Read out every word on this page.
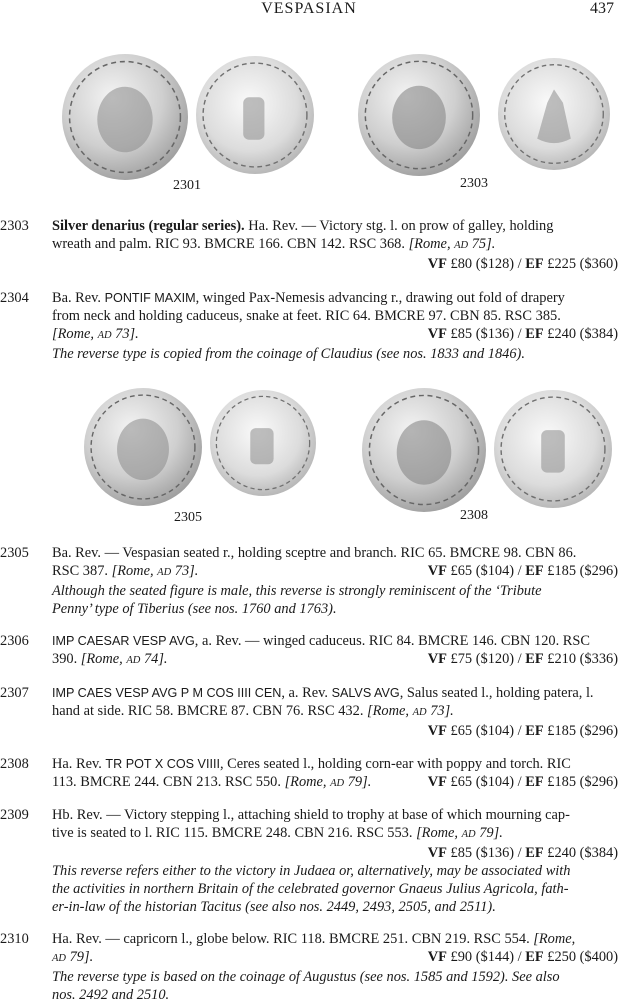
VESPASIAN	437
2301	2303
2303 Silver denarius (regular series). Ha. Rev. — Victory stg. l. on prow of galley, holding
wreath and palm. RIC 93. BMCRE 166. CBN 142. RSC 368. [Rome, AD 75].
VF £80 ($128) / EF £225 ($360)
2304 Ba. Rev. PONTIF MAXIM, winged Pax-Nemesis advancing r., drawing out fold of drapery
from neck and holding caduceus, snake at feet. RIC 64. BMCRE 97. CBN 85. RSC 385.
[Rome, AD 73].	VF £85 ($136) / EF £240 ($384)
The reverse type is copied from the coinage of Claudius (see nos. 1833 and 1846).
2305	2308
2305 Ba. Rev. — Vespasian seated r., holding sceptre and branch. RIC 65. BMCRE 98. CBN 86.
RSC 387. [Rome, AD 73].	VF £65 ($104) / EF £185 ($296)
Although the seated figure is male, this reverse is strongly reminiscent of the ‘Tribute
Penny’ type of Tiberius (see nos. 1760 and 1763).
2306 IMP CAESAR VESP AVG, a. Rev. — winged caduceus. RIC 84. BMCRE 146. CBN 120. RSC
390. [Rome, AD 74].	VF £75 ($120) / EF £210 ($336)
2307 IMP CAES VESP AVG P M COS IIII CEN, a. Rev. SALVS AVG, Salus seated l., holding patera, l.
hand at side. RIC 58. BMCRE 87. CBN 76. RSC 432. [Rome, AD 73].
VF £65 ($104) / EF £185 ($296)
2308 Ha. Rev. TR POT X COS VIIII, Ceres seated l., holding corn-ear with poppy and torch. RIC
113. BMCRE 244. CBN 213. RSC 550. [Rome, AD 79].	VF £65 ($104) / EF £185 ($296)
2309 Hb. Rev. — Victory stepping l., attaching shield to trophy at base of which mourning cap-
tive is seated to l. RIC 115. BMCRE 248. CBN 216. RSC 553. [Rome, AD 79].
VF £85 ($136) / EF £240 ($384)
This reverse refers either to the victory in Judaea or, alternatively, may be associated with
the activities in northern Britain of the celebrated governor Gnaeus Julius Agricola, fath-
er-in-law of the historian Tacitus (see also nos. 2449, 2493, 2505, and 2511).
2310 Ha. Rev. — capricorn l., globe below. RIC 118. BMCRE 251. CBN 219. RSC 554. [Rome,
AD 79].	VF £90 ($144) / EF £250 ($400)
The reverse type is based on the coinage of Augustus (see nos. 1585 and 1592). See also
nos. 2492 and 2510.
